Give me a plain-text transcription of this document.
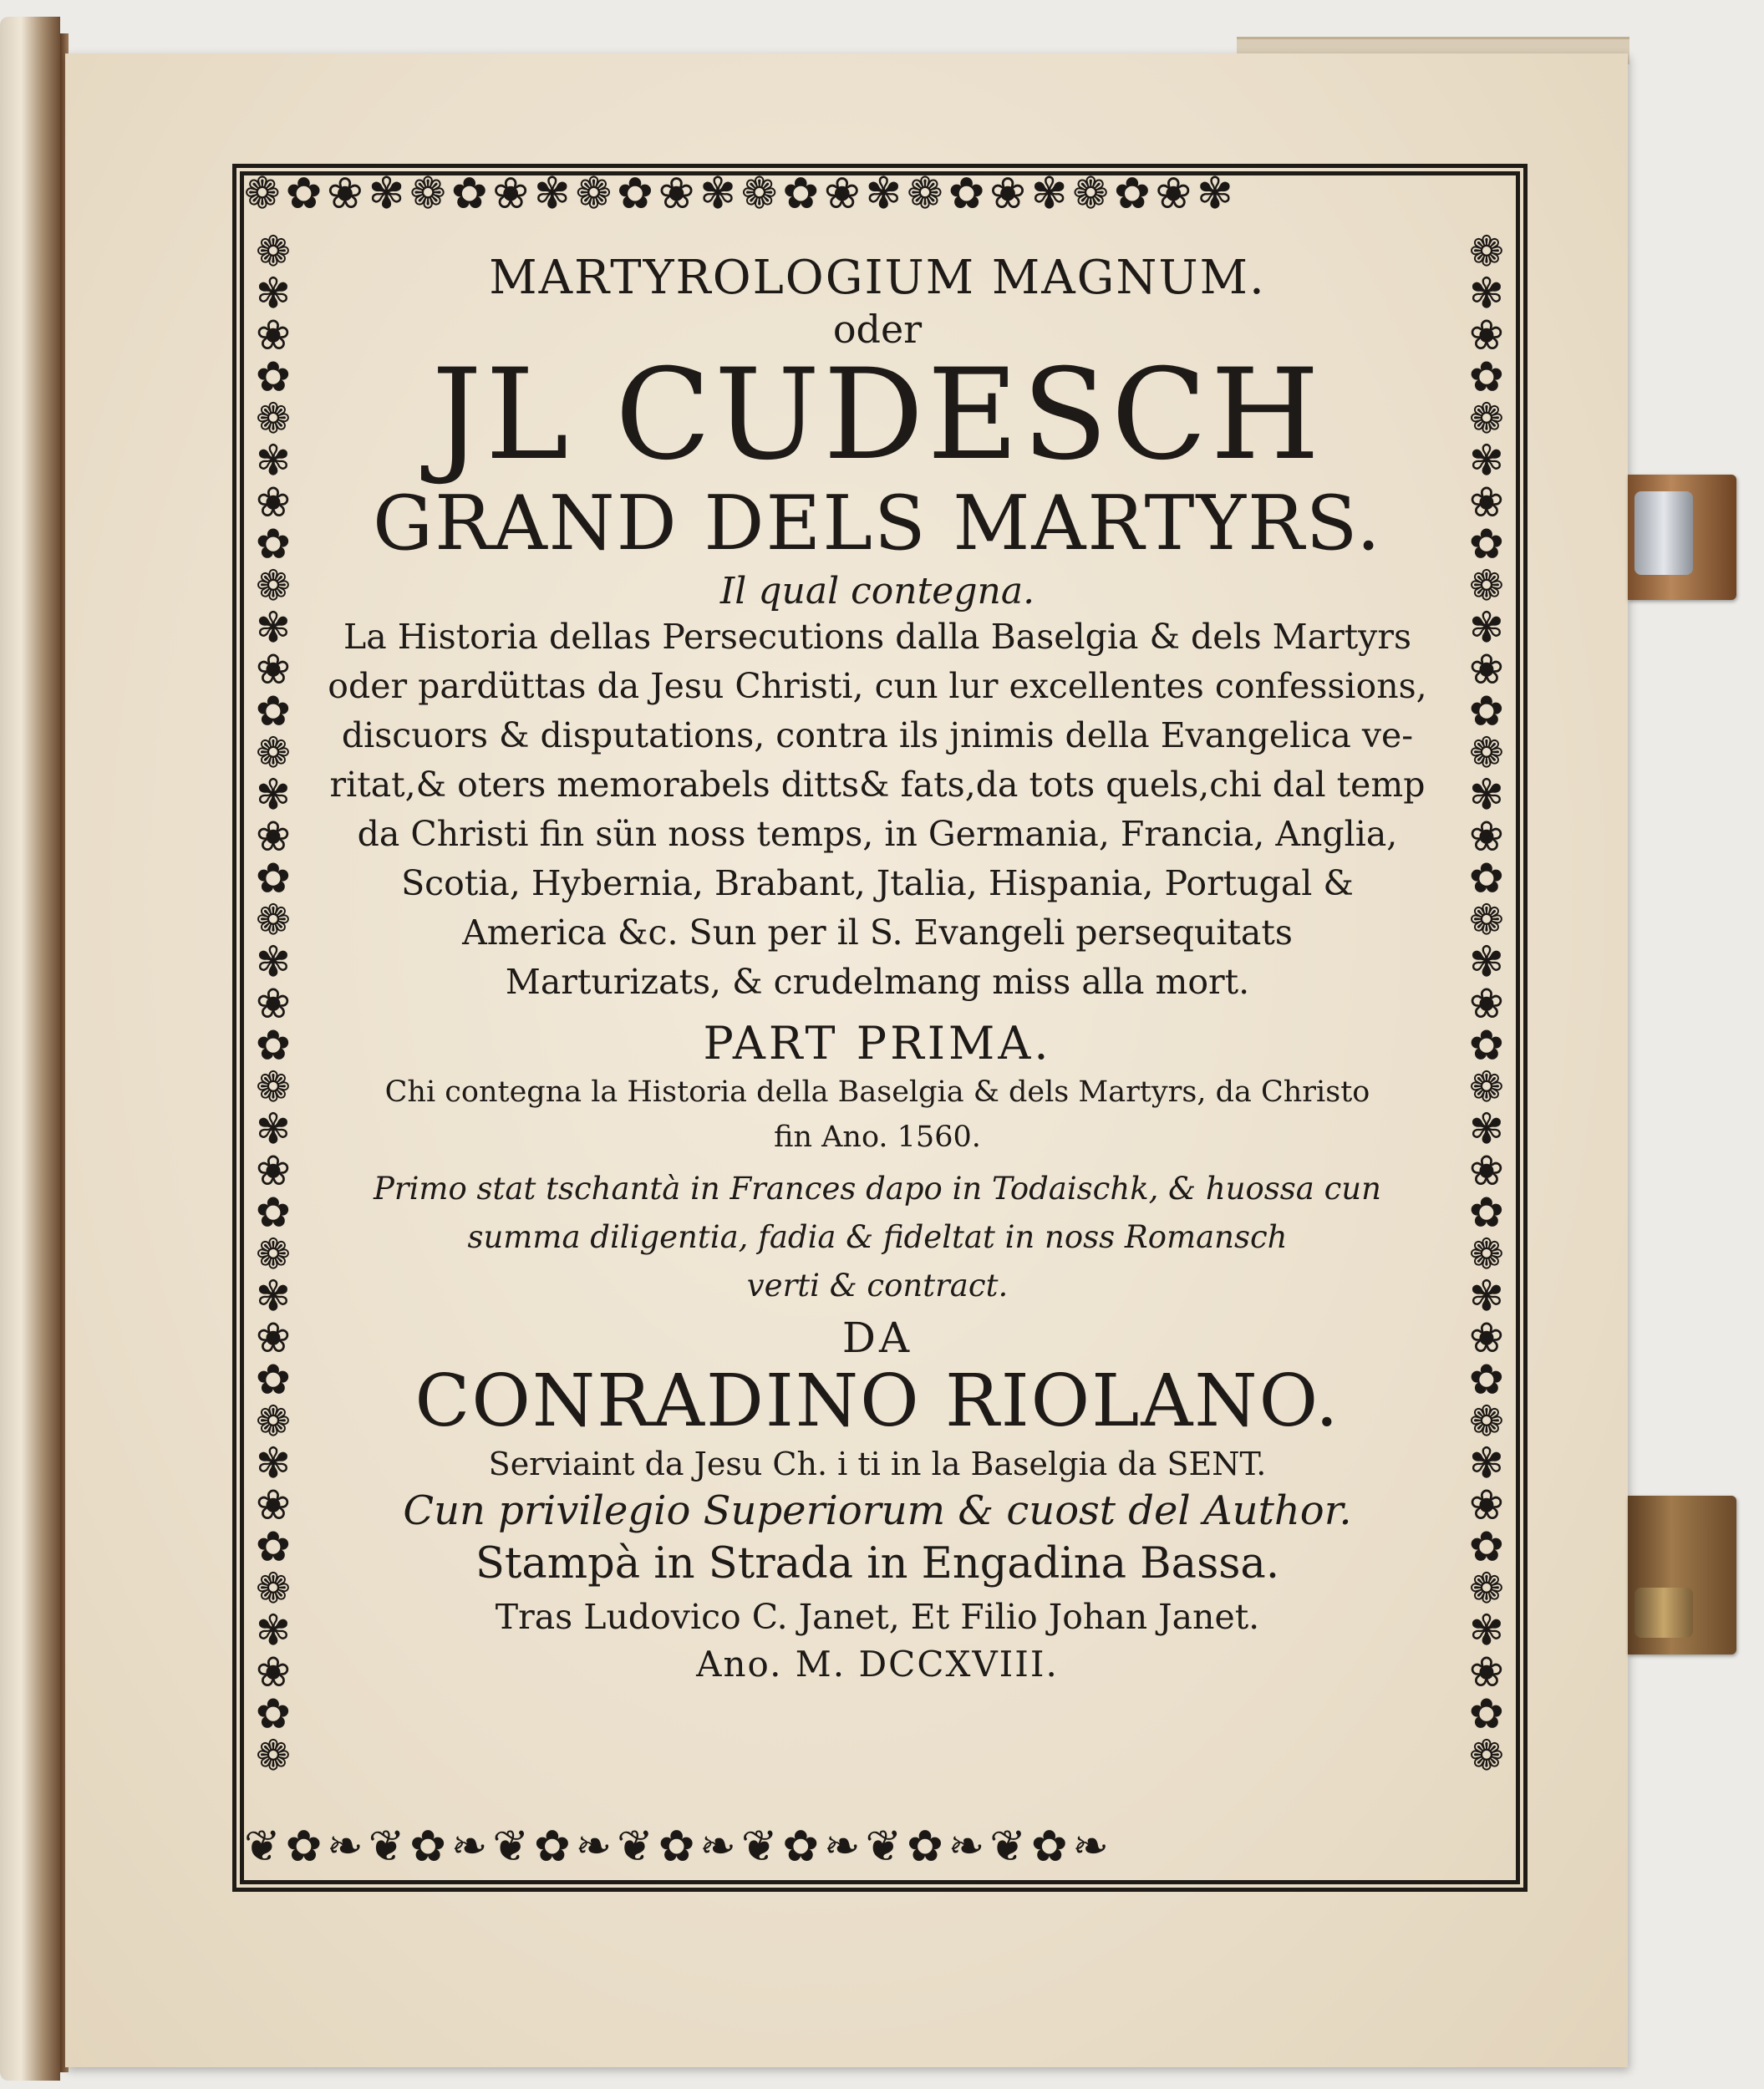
❁✿❀✾❁✿❀✾❁✿❀✾❁✿❀✾❁✿❀✾❁✿❀✾
❦✿❧❦✿❧❦✿❧❦✿❧❦✿❧❦✿❧❦✿❧
❁✾❀✿❁✾❀✿❁✾❀✿❁✾❀✿❁✾❀✿❁✾❀✿❁✾❀✿❁✾❀✿❁✾❀✿❁
❁✾❀✿❁✾❀✿❁✾❀✿❁✾❀✿❁✾❀✿❁✾❀✿❁✾❀✿❁✾❀✿❁✾❀✿❁

MARTYROLOGIUM MAGNUM.

oder

JL CUDESCH

GRAND DELS MARTYRS.

Il qual contegna.

La Historia dellas Persecutions dalla Baselgia & dels Martyrs

oder pardüttas da Jesu Christi, cun lur excellentes confessions,

discuors & disputations, contra ils jnimis della Evangelica ve-

ritat,& oters memorabels ditts& fats,da tots quels,chi dal temp

da Christi fin sün noss temps, in Germania, Francia, Anglia,

Scotia, Hybernia, Brabant, Jtalia, Hispania, Portugal &

America &c. Sun per il S. Evangeli persequitats

Marturizats, & crudelmang miss alla mort.

PART PRIMA.

Chi contegna la Historia della Baselgia & dels Martyrs, da Christo

fin Ano. 1560.

Primo stat tschantà in Frances dapo in Todaischk, & huossa cun

summa diligentia, fadia & fideltat in noss Romansch

verti & contract.

DA

CONRADINO RIOLANO.

Serviaint da Jesu Ch. i ti in la Baselgia da SENT.

Cun privilegio Superiorum & cuost del Author.

Stampà in Strada in Engadina Bassa.

Tras Ludovico C. Janet, Et Filio Johan Janet.

Ano. M. DCCXVIII.
